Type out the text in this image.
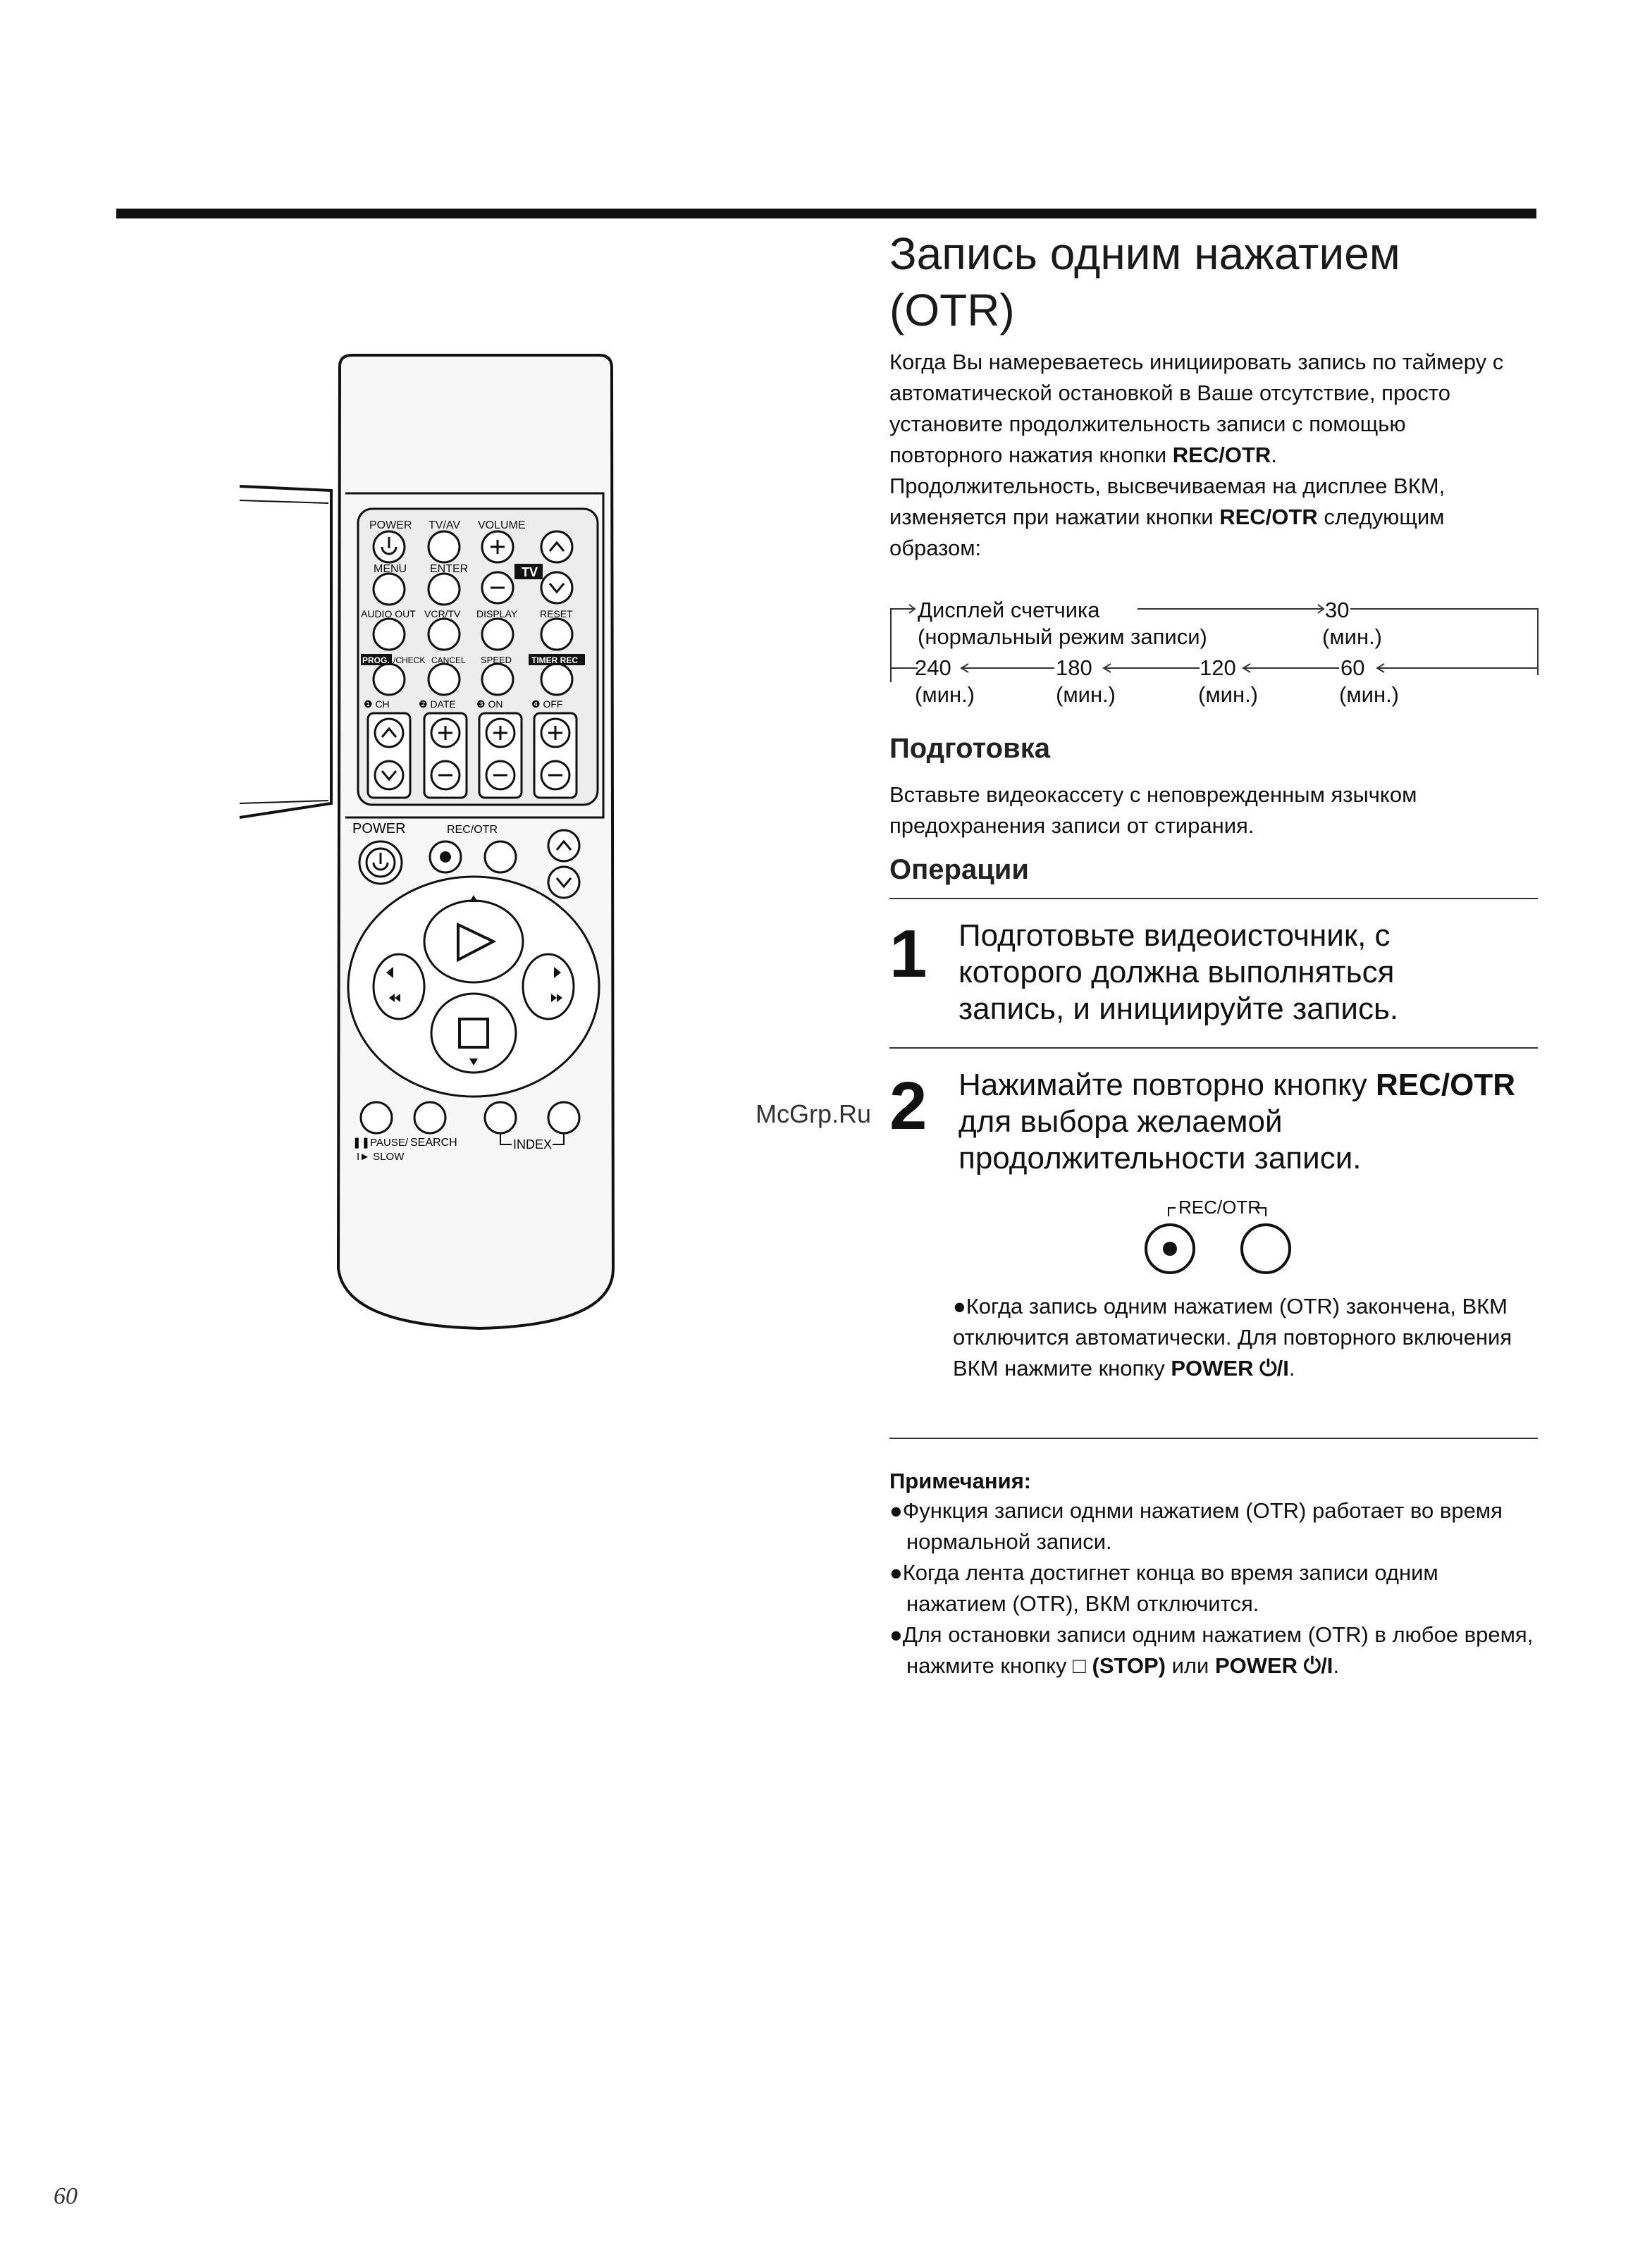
Запись одним нажатием
(OTR)
Когда Вы намереваетесь инициировать запись по таймеру с автоматической остановкой в Ваше отсутствие, просто установите продолжительность записи с помощью повторного нажатия кнопки REC/OTR.
Продолжительность, высвечиваемая на дисплее ВКМ, изменяется при нажатии кнопки REC/OTR следующим образом:
Дисплей счетчика
(нормальный режим записи)
30
(мин.)
240	180	120	60
(мин.)	(мин.)	(мин.)	(мин.)
Подготовка
Вставьте видеокассету с неповрежденным язычком предохранения записи от стирания.
Операции
1 Подготовьте видеоисточник, с которого должна выполняться запись, и инициируйте запись.
2 Нажимайте повторно кнопку REC/OTR для выбора желаемой продолжительности записи.
McGrp.Ru
REC/OTR
●Когда запись одним нажатием (OTR) закончена, ВКМ отключится автоматически. Для повторного включения ВКМ нажмите кнопку POWER ⏻/I.
Примечания:
●Функция записи однми нажатием (OTR) работает во время нормальной записи.
●Когда лента достигнет конца во время записи одним нажатием (OTR), ВКМ отключится.
●Для остановки записи одним нажатием (OTR) в любое время, нажмите кнопку □ (STOP) или POWER ⏻/I.
POWER TV/AV VOLUME
TV
MENU ENTER
AUDIO OUT VCR/TV DISPLAY RESET
PROG. /CHECK CANCEL SPEED TIMER REC
❶ CH	❷ DATE ❸ ON	❹ OFF
POWER	REC/OTR
❚❚PAUSE/
I► SLOW
SEARCH	INDEX
60
